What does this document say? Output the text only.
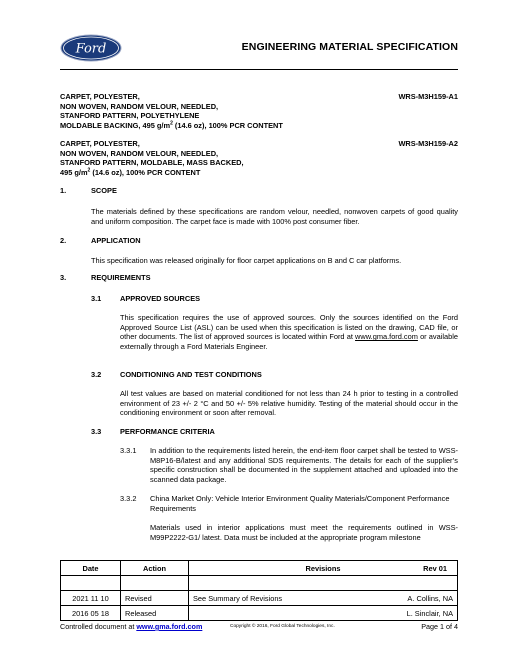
Ford	ENGINEERING MATERIAL SPECIFICATION
CARPET, POLYESTER,
NON WOVEN, RANDOM VELOUR, NEEDLED,
STANFORD PATTERN, POLYETHYLENE
MOLDABLE BACKING, 495 $g/m^2$ (14.6 oz), 100% PCR CONTENT
WRS-M3H159-A1
CARPET, POLYESTER,
NON WOVEN, RANDOM VELOUR, NEEDLED,
STANFORD PATTERN, MOLDABLE, MASS BACKED,
495 $g/m^2$ (14.6 oz), 100% PCR CONTENT
WRS-M3H159-A2
1.	SCOPE
The materials defined by these specifications are random velour, needled, nonwoven carpets of good quality and uniform composition. The carpet face is made with 100% post consumer fiber.
2.	APPLICATION
This specification was released originally for floor carpet applications on B and C car platforms.
3.	REQUIREMENTS
3.1	APPROVED SOURCES
This specification requires the use of approved sources. Only the sources identified on the Ford Approved Source List (ASL) can be used when this specification is listed on the drawing, CAD file, or other documents. The list of approved sources is located within Ford at www.gma.ford.com or available externally through a Ford Materials Engineer.
3.2	CONDITIONING AND TEST CONDITIONS
All test values are based on material conditioned for not less than 24 h prior to testing in a controlled environment of 23 +/- 2 °C and 50 +/- 5% relative humidity. Testing of the material should occur in the conditioning environment or soon after removal.
3.3	PERFORMANCE CRITERIA
3.3.1 In addition to the requirements listed herein, the end-item floor carpet shall be tested to WSS-M8P16-B/latest and any additional SDS requirements. The details for each of the supplier’s specific construction shall be documented in the supplement attached and uploaded into the scanned data package.
3.3.2 China Market Only: Vehicle Interior Environment Quality Materials/Component Performance Requirements
Materials used in interior applications must meet the requirements outlined in WSS-M99P2222-G1/ latest. Data must be included at the appropriate program milestone
Date	Action	Revisions Rev 01	

2021 11 10	Revised	See Summary of Revisions	A. Collins, NA
2016 05 18	Released		L. Sinclair, NA
Controlled document at www.gma.ford.com	Copyright © 2016, Ford Global Technologies, Inc.	Page 1 of 4
